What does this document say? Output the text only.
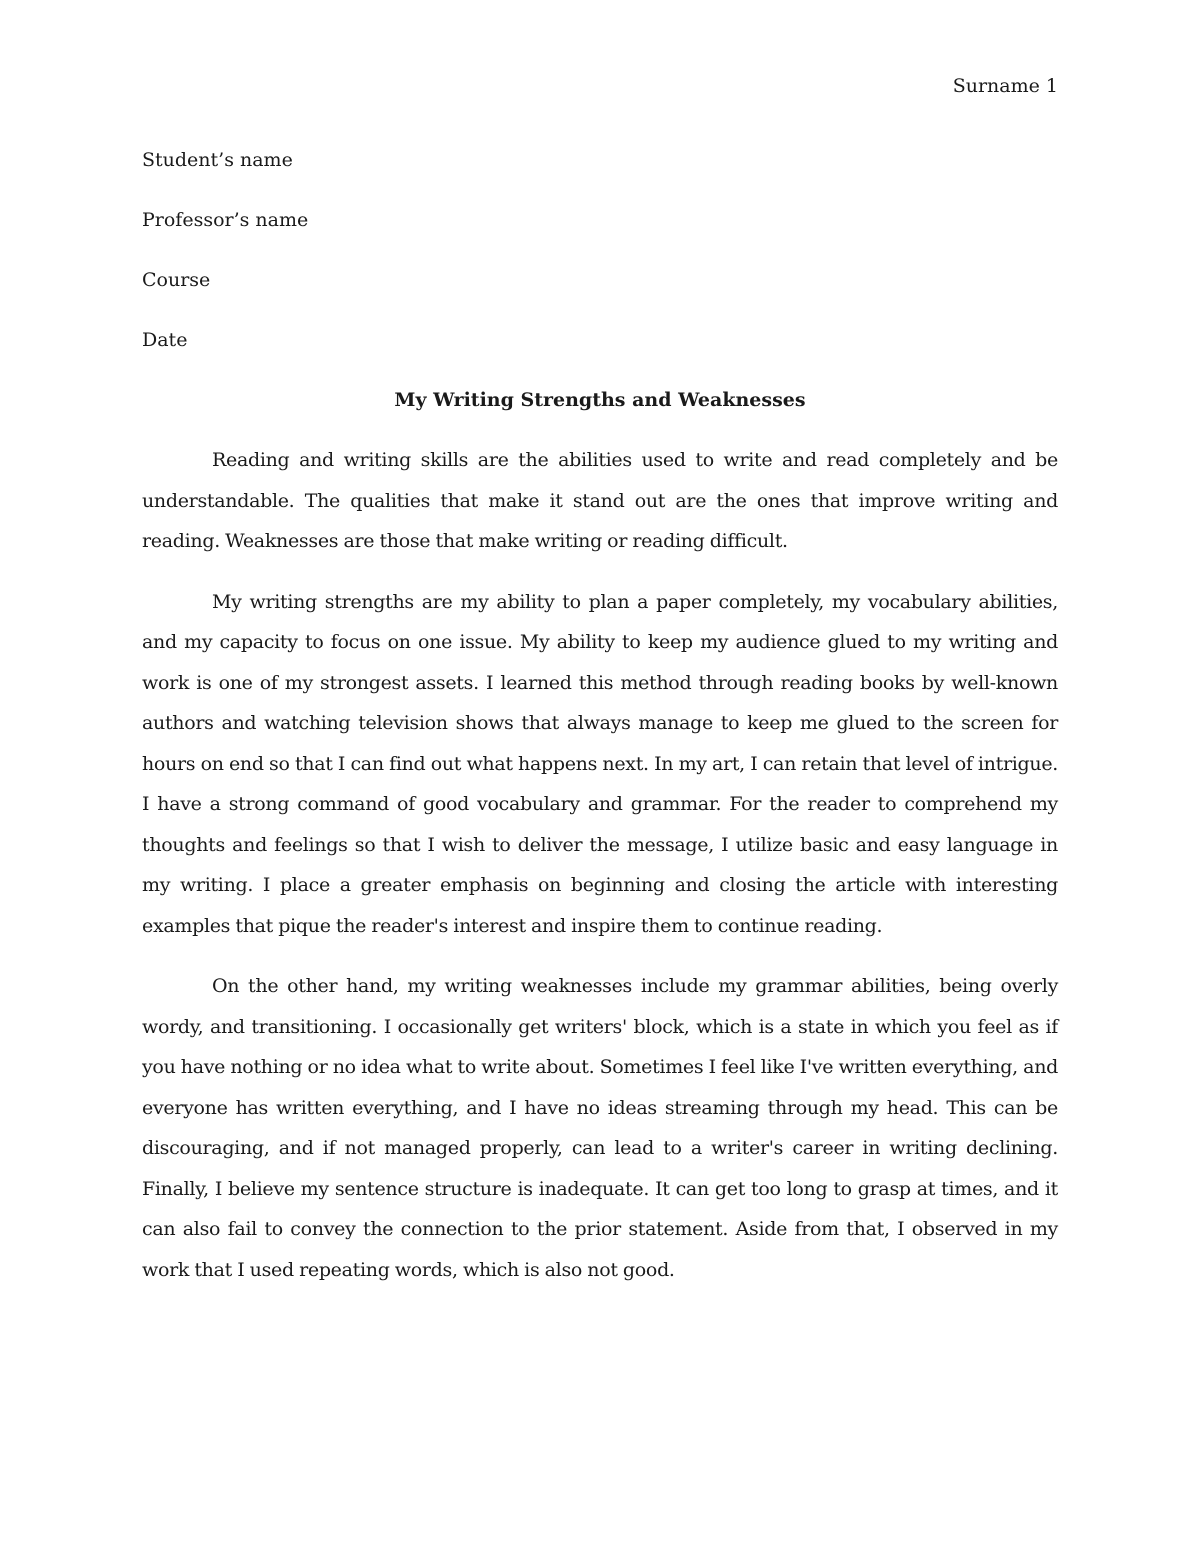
Surname 1
Student’s name
Professor’s name
Course
Date
My Writing Strengths and Weaknesses

Reading and writing skills are the abilities used to write and read completely and be understandable. The qualities that make it stand out are the ones that improve writing and reading. Weaknesses are those that make writing or reading difficult.

My writing strengths are my ability to plan a paper completely, my vocabulary abilities, and my capacity to focus on one issue. My ability to keep my audience glued to my writing and work is one of my strongest assets. I learned this method through reading books by well-known authors and watching television shows that always manage to keep me glued to the screen for hours on end so that I can find out what happens next. In my art, I can retain that level of intrigue. I have a strong command of good vocabulary and grammar. For the reader to comprehend my thoughts and feelings so that I wish to deliver the message, I utilize basic and easy language in my writing. I place a greater emphasis on beginning and closing the article with interesting examples that pique the reader's interest and inspire them to continue reading.

On the other hand, my writing weaknesses include my grammar abilities, being overly wordy, and transitioning. I occasionally get writers' block, which is a state in which you feel as if you have nothing or no idea what to write about. Sometimes I feel like I've written everything, and everyone has written everything, and I have no ideas streaming through my head. This can be discouraging, and if not managed properly, can lead to a writer's career in writing declining. Finally, I believe my sentence structure is inadequate. It can get too long to grasp at times, and it can also fail to convey the connection to the prior statement. Aside from that, I observed in my work that I used repeating words, which is also not good.
